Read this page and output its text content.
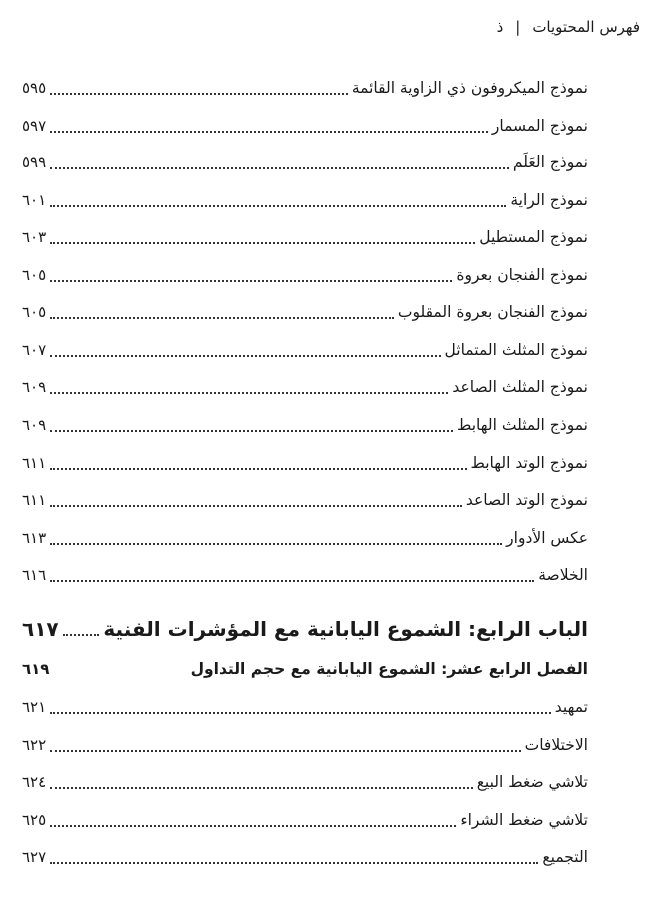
فهرس المحتويات
|
ذ
نموذج الميكروفون ذي الزاوية القائمة
٥٩٥
نموذج المسمار
٥٩٧
نموذج العَلَم
٥٩٩
نموذج الراية
٦٠١
نموذج المستطيل
٦٠٣
نموذج الفنجان بعروة
٦٠٥
نموذج الفنجان بعروة المقلوب
٦٠٥
نموذج المثلث المتماثل
٦٠٧
نموذج المثلث الصاعد
٦٠٩
نموذج المثلث الهابط
٦٠٩
نموذج الوتد الهابط
٦١١
نموذج الوتد الصاعد
٦١١
عكس الأدوار
٦١٣
الخلاصة
٦١٦
الباب الرابع: الشموع اليابانية مع المؤشرات الفنية
٦١٧
الفصل الرابع عشر: الشموع اليابانية مع حجم التداول
٦١٩
تمهيد
٦٢١
الاختلافات
٦٢٢
تلاشي ضغط البيع
٦٢٤
تلاشي ضغط الشراء
٦٢٥
التجميع
٦٢٧
